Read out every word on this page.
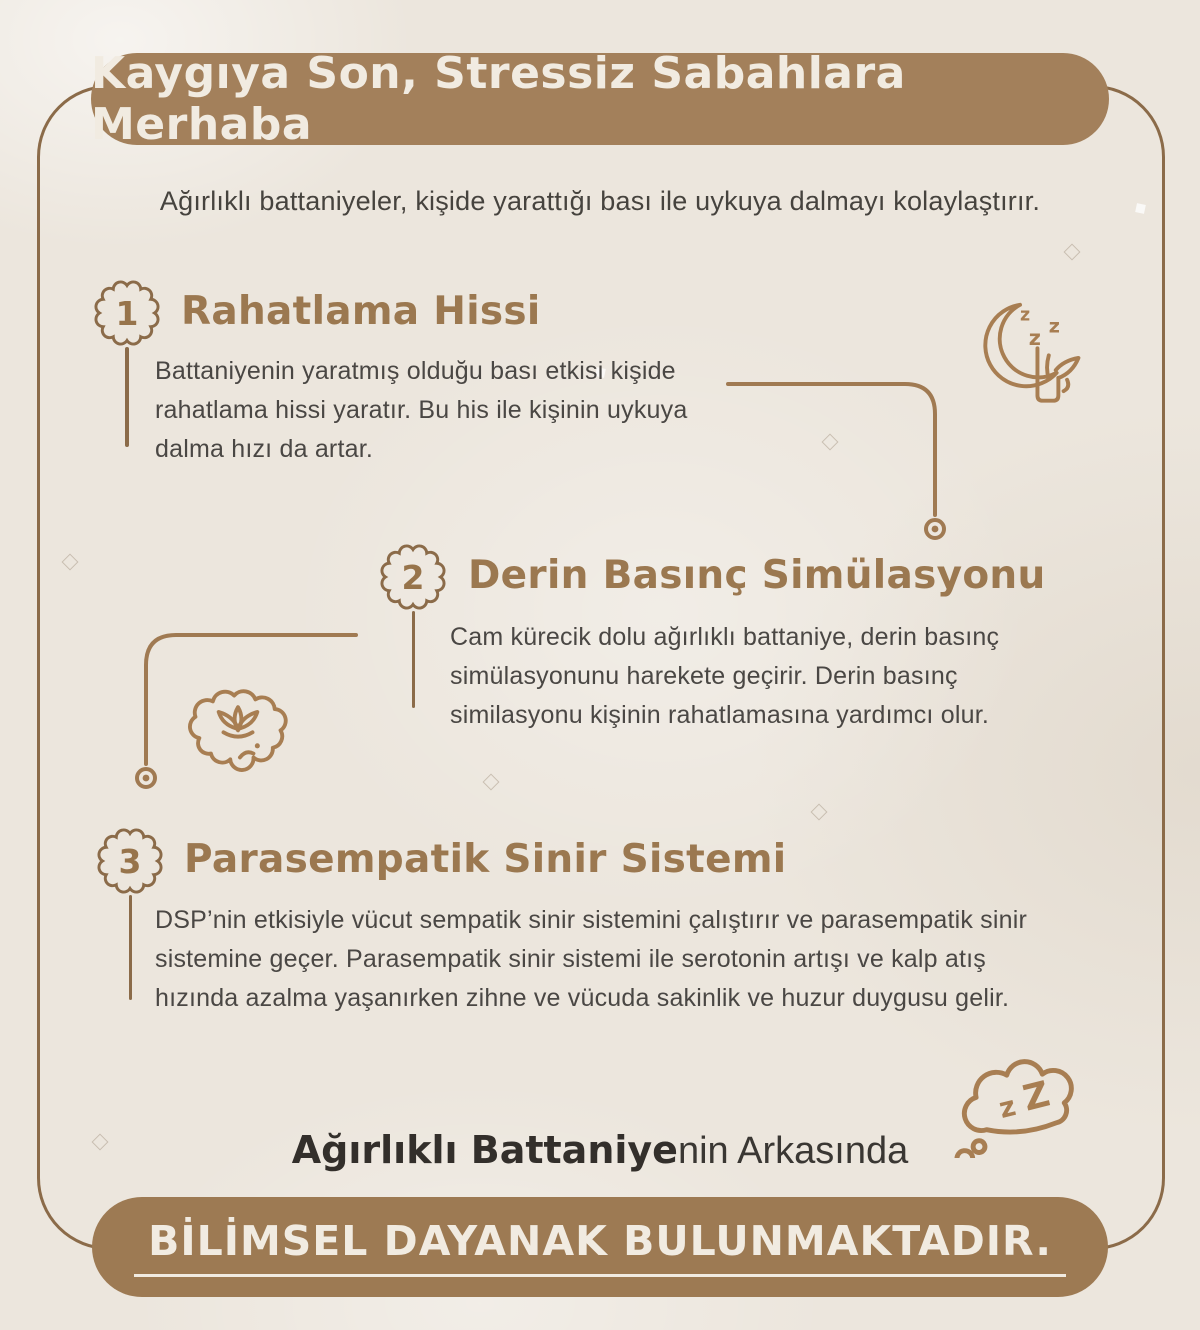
Kaygıya Son, Stressiz Sabahlara Merhaba
Ağırlıklı battaniyeler, kişide yarattığı bası ile uykuya dalmayı kolaylaştırır.
1 Rahatlama Hissi
Battaniyenin yaratmış olduğu bası etkisi kişide
rahatlama hissi yaratır. Bu his ile kişinin uykuya
dalma hızı da artar.
z
z z
2 Derin Basınç Simülasyonu
Cam kürecik dolu ağırlıklı battaniye, derin basınç
simülasyonunu harekete geçirir. Derin basınç
similasyonu kişinin rahatlamasına yardımcı olur.
3 Parasempatik Sinir Sistemi
DSP’nin etkisiyle vücut sempatik sinir sistemini çalıştırır ve parasempatik sinir
sistemine geçer. Parasempatik sinir sistemi ile serotonin artışı ve kalp atış
hızında azalma yaşanırken zihne ve vücuda sakinlik ve huzur duygusu gelir.
z Z
Ağırlıklı Battaniyenin Arkasında
BİLİMSEL DAYANAK BULUNMAKTADIR.
